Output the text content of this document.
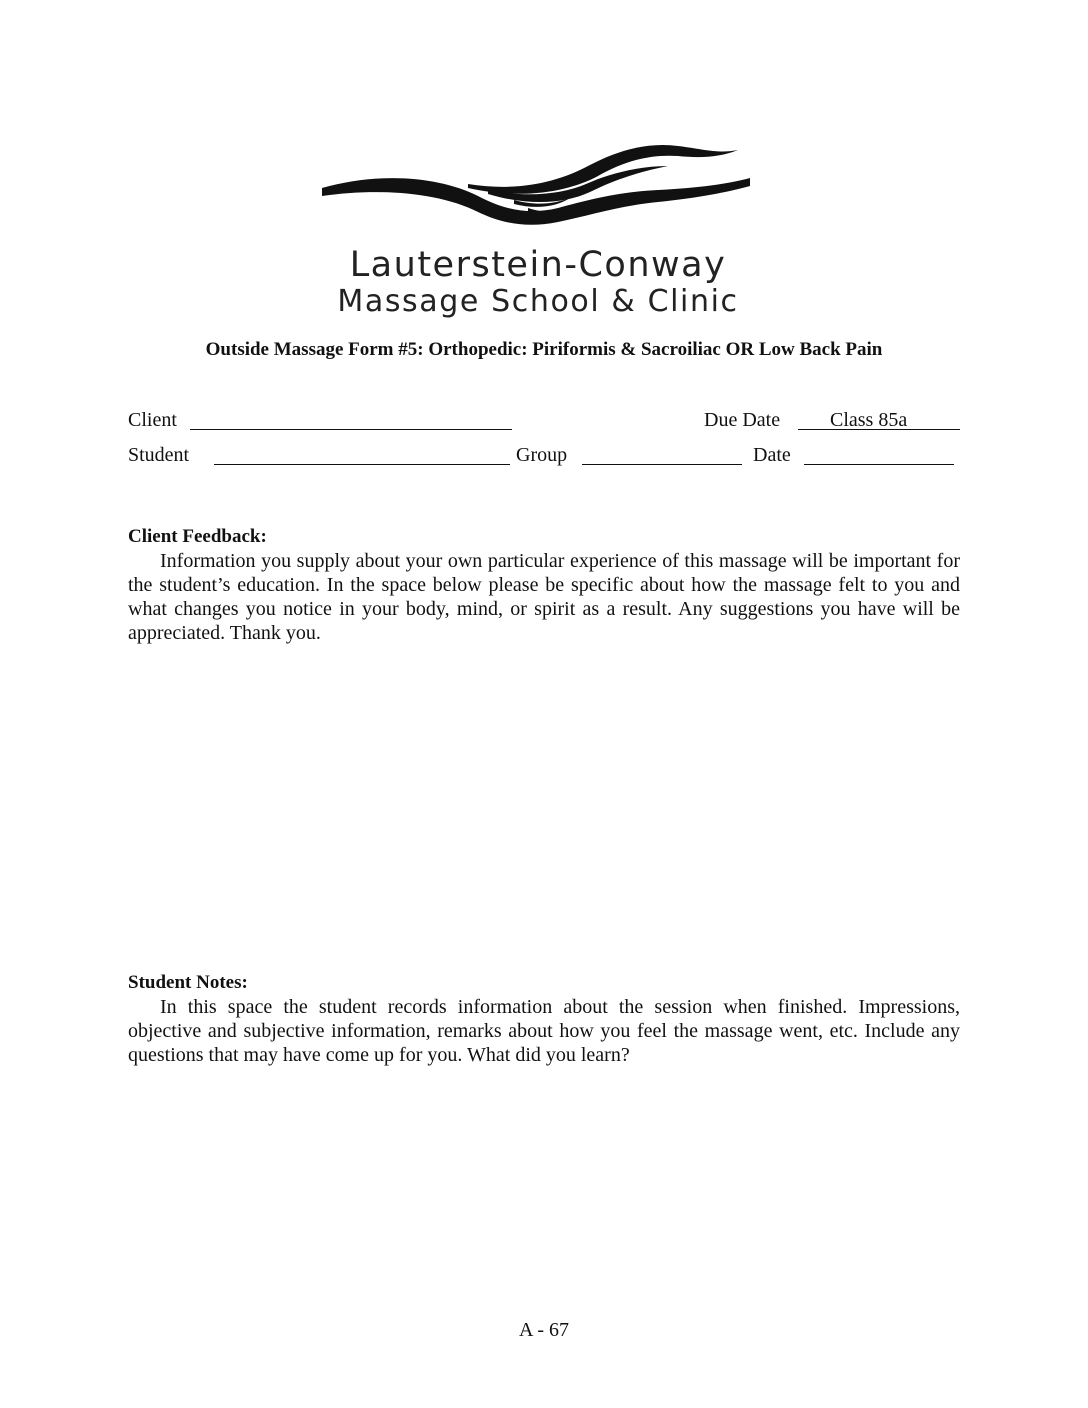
Lauterstein-Conway
Massage School & Clinic
Outside Massage Form #5: Orthopedic: Piriformis & Sacroiliac OR Low Back Pain
Client	Due Date Class 85a
Student	Group	Date
Client Feedback:
Information you supply about your own particular experience of this massage will be important for the student’s education. In the space below please be specific about how the massage felt to you and what changes you notice in your body, mind, or spirit as a result. Any suggestions you have will be appreciated. Thank you.
Student Notes:
In this space the student records information about the session when finished. Impressions, objective and subjective information, remarks about how you feel the massage went, etc. Include any questions that may have come up for you. What did you learn?
A - 67
